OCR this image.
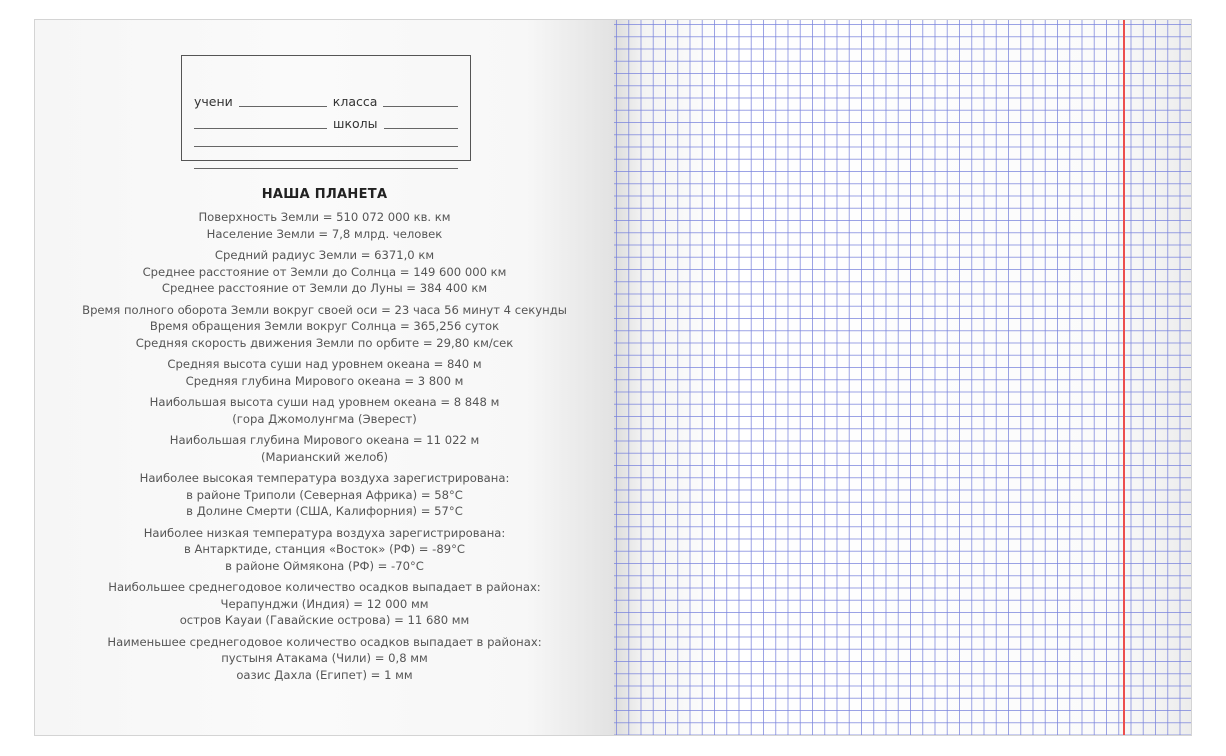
учени	класса
школы
НАША ПЛАНЕТА
Поверхность Земли = 510 072 000 кв. км
Население Земли = 7,8 млрд. человек
Средний радиус Земли = 6371,0 км
Среднее расстояние от Земли до Солнца = 149 600 000 км
Среднее расстояние от Земли до Луны = 384 400 км
Время полного оборота Земли вокруг своей оси = 23 часа 56 минут 4 секунды
Время обращения Земли вокруг Солнца = 365,256 суток
Средняя скорость движения Земли по орбите = 29,80 км/сек
Средняя высота суши над уровнем океана = 840 м
Средняя глубина Мирового океана = 3 800 м
Наибольшая высота суши над уровнем океана = 8 848 м
(гора Джомолунгма (Эверест)
Наибольшая глубина Мирового океана = 11 022 м
(Марианский желоб)
Наиболее высокая температура воздуха зарегистрирована:
в районе Триполи (Северная Африка) = 58°С
в Долине Смерти (США, Калифорния) = 57°С
Наиболее низкая температура воздуха зарегистрирована:
в Антарктиде, станция «Восток» (РФ) = -89°С
в районе Оймякона (РФ) = -70°С
Наибольшее среднегодовое количество осадков выпадает в районах:
Черапунджи (Индия) = 12 000 мм
остров Кауаи (Гавайские острова) = 11 680 мм
Наименьшее среднегодовое количество осадков выпадает в районах:
пустыня Атакама (Чили) = 0,8 мм
оазис Дахла (Египет) = 1 мм
